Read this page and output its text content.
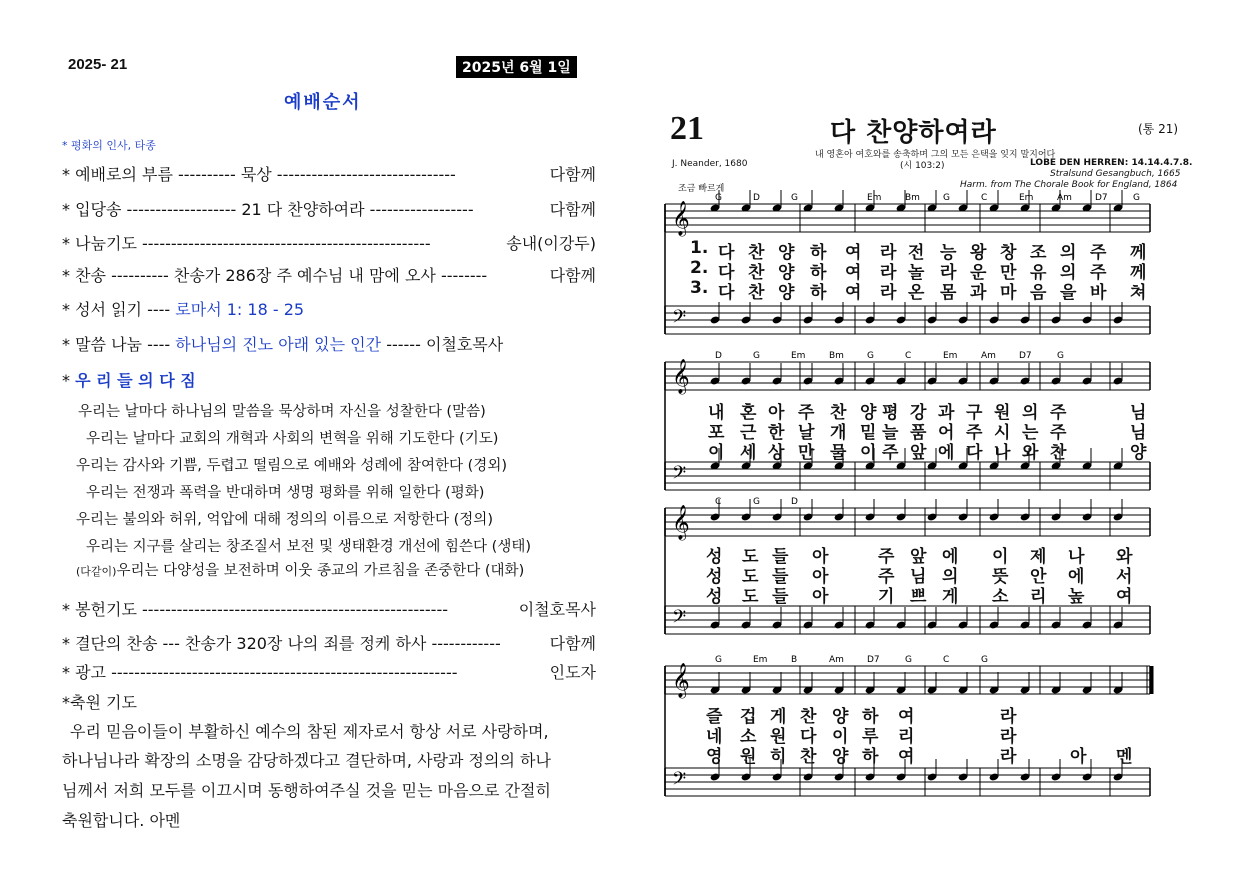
2025- 21	2025년 6월 1일
예배순서
* 평화의 인사, 타종
* 예배로의 부름 ---------- 묵상 -------------------------------	다함께
* 입당송 ------------------- 21 다 찬양하여라 ------------------	다함께
* 나눔기도 --------------------------------------------------	송내(이강두)
* 찬송 ---------- 찬송가 286장 주 예수님 내 맘에 오사 --------	다함께
* 성서 읽기 ---- 로마서 1: 18 - 25
* 말씀 나눔 ---- 하나님의 진노 아래 있는 인간 ------ 이철호목사
* 우 리 들 의 다 짐
우리는 날마다 하나님의 말씀을 묵상하며 자신을 성찰한다 (말씀)
우리는 날마다 교회의 개혁과 사회의 변혁을 위해 기도한다 (기도)
우리는 감사와 기쁨, 두렵고 떨림으로 예배와 성례에 참여한다 (경외)
우리는 전쟁과 폭력을 반대하며 생명 평화를 위해 일한다 (평화)
우리는 불의와 허위, 억압에 대해 정의의 이름으로 저항한다 (정의)
우리는 지구를 살리는 창조질서 보전 및 생태환경 개선에 힘쓴다 (생태)
(다같이)우리는 다양성을 보전하며 이웃 종교의 가르침을 존중한다 (대화)
* 봉헌기도 -----------------------------------------------------	이철호목사
* 결단의 찬송 --- 찬송가 320장 나의 죄를 정케 하사 ------------	다함께
* 광고 ------------------------------------------------------------	인도자
*축원 기도
우리 믿음이들이 부활하신 예수의 참된 제자로서 항상 서로 사랑하며,
하나님나라 확장의 소명을 감당하겠다고 결단하며, 사랑과 정의의 하나
님께서 저희 모두를 이끄시며 동행하여주실 것을 믿는 마음으로 간절히
축원합니다. 아멘
21	다 찬양하여라	(통 21)
내 영혼아 여호와를 송축하며 그의 모든 은택을 잊지 말지어다
(시 103:2)
J. Neander, 1680	LOBE DEN HERREN: 14.14.4.7.8.
Stralsund Gesangbuch, 1665
Harm. from The Chorale Book for England, 1864
조금 빠르게
𝄞
𝄢
G	D	G	Em	Bm	G	C	Em	Am	D7	G
𝄞
𝄢
D	G	Em	Bm	G	C	Em	Am	D7	G
𝄞
𝄢
C	G	D
𝄞
𝄢
G	Em	B	Am	D7	G	C	G
1. 다 찬 양 하 여 라 전 능 왕 창 조 의 주 께
2. 다 찬 양 하 여 라 놀 라 운 만 유 의 주 께
3. 다 찬 양 하 여 라 온 몸 과 마 음 을 바 쳐
내 혼 아 주 찬 양 평 강 과 구 원 의 주	님
포 근 한 날 개 밑 늘 품 어 주 시 는 주	님
이 세 상 만 물 이 주 앞 에 다 나 와 찬	양
성 도 들 아	주 앞 에 이 제 나 와
성 도 들 아	주 님 의 뜻 안 에 서
성 도 들 아	기 쁘 게 소 리 높 여
즐 겁 게 찬 양 하 여	라
네 소 원 다 이 루 리	라
영 원 히 찬 양 하 여	라	아 멘
